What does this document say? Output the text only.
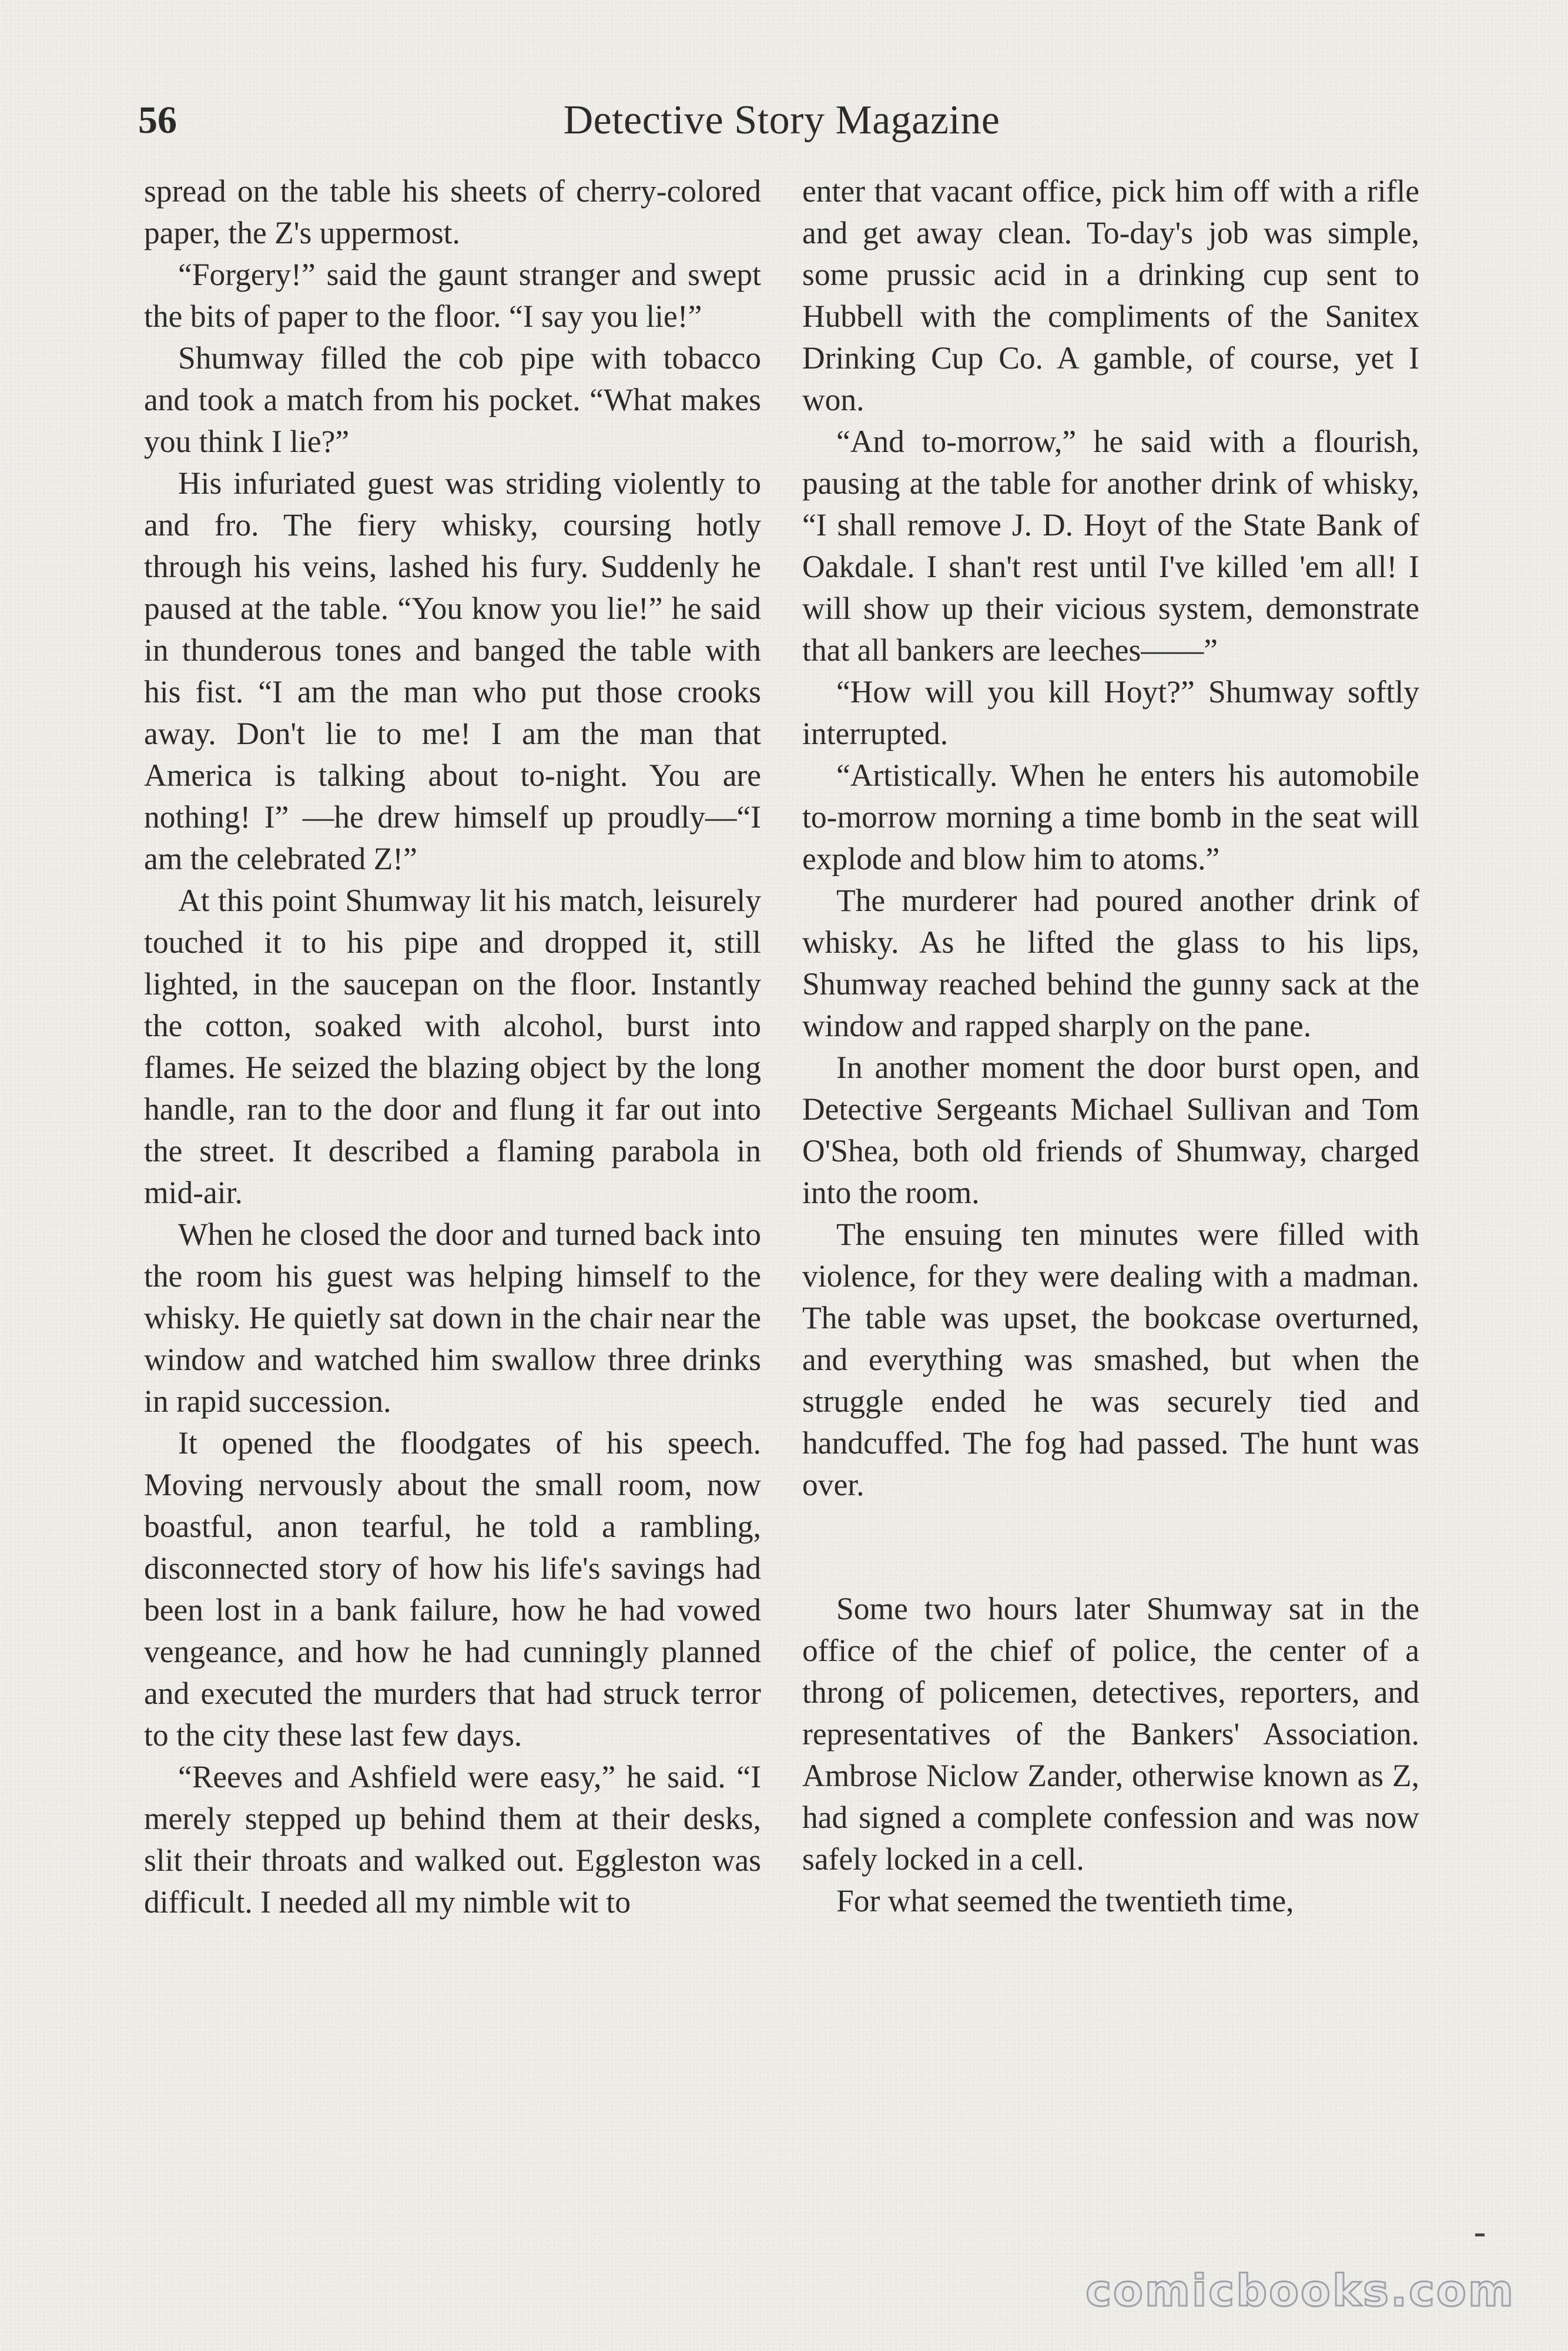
56	Detective Story Magazine

spread on the table his sheets of cherry-colored paper, the Z's uppermost.

“Forgery!” said the gaunt stranger and swept the bits of paper to the floor. “I say you lie!”

Shumway filled the cob pipe with tobacco and took a match from his pocket. “What makes you think I lie?”

His infuriated guest was striding violently to and fro. The fiery whisky, coursing hotly through his veins, lashed his fury. Suddenly he paused at the table. “You know you lie!” he said in thunderous tones and banged the table with his fist. “I am the man who put those crooks away. Don't lie to me! I am the man that America is talking about to-night. You are nothing! I” —he drew himself up proudly—“I am the celebrated Z!”

At this point Shumway lit his match, leisurely touched it to his pipe and dropped it, still lighted, in the saucepan on the floor. Instantly the cotton, soaked with alcohol, burst into flames. He seized the blazing object by the long handle, ran to the door and flung it far out into the street. It described a flaming parabola in mid-air.

When he closed the door and turned back into the room his guest was helping himself to the whisky. He quietly sat down in the chair near the window and watched him swallow three drinks in rapid succession.

It opened the floodgates of his speech. Moving nervously about the small room, now boastful, anon tearful, he told a rambling, disconnected story of how his life's savings had been lost in a bank failure, how he had vowed vengeance, and how he had cunningly planned and executed the murders that had struck terror to the city these last few days.

“Reeves and Ashfield were easy,” he said. “I merely stepped up behind them at their desks, slit their throats and walked out. Eggleston was difficult. I needed all my nimble wit to

enter that vacant office, pick him off with a rifle and get away clean. To-day's job was simple, some prussic acid in a drinking cup sent to Hubbell with the compliments of the Sanitex Drinking Cup Co. A gamble, of course, yet I won.

“And to-morrow,” he said with a flourish, pausing at the table for another drink of whisky, “I shall remove J. D. Hoyt of the State Bank of Oakdale. I shan't rest until I've killed 'em all! I will show up their vicious system, demonstrate that all bankers are leeches——”

“How will you kill Hoyt?” Shumway softly interrupted.

“Artistically. When he enters his automobile to-morrow morning a time bomb in the seat will explode and blow him to atoms.”

The murderer had poured another drink of whisky. As he lifted the glass to his lips, Shumway reached behind the gunny sack at the window and rapped sharply on the pane.

In another moment the door burst open, and Detective Sergeants Michael Sullivan and Tom O'Shea, both old friends of Shumway, charged into the room.

The ensuing ten minutes were filled with violence, for they were dealing with a madman. The table was upset, the bookcase overturned, and everything was smashed, but when the struggle ended he was securely tied and handcuffed. The fog had passed. The hunt was over.

Some two hours later Shumway sat in the office of the chief of police, the center of a throng of policemen, detectives, reporters, and representatives of the Bankers' Association. Ambrose Niclow Zander, otherwise known as Z, had signed a complete confession and was now safely locked in a cell.

For what seemed the twentieth time,

comicbooks.com
